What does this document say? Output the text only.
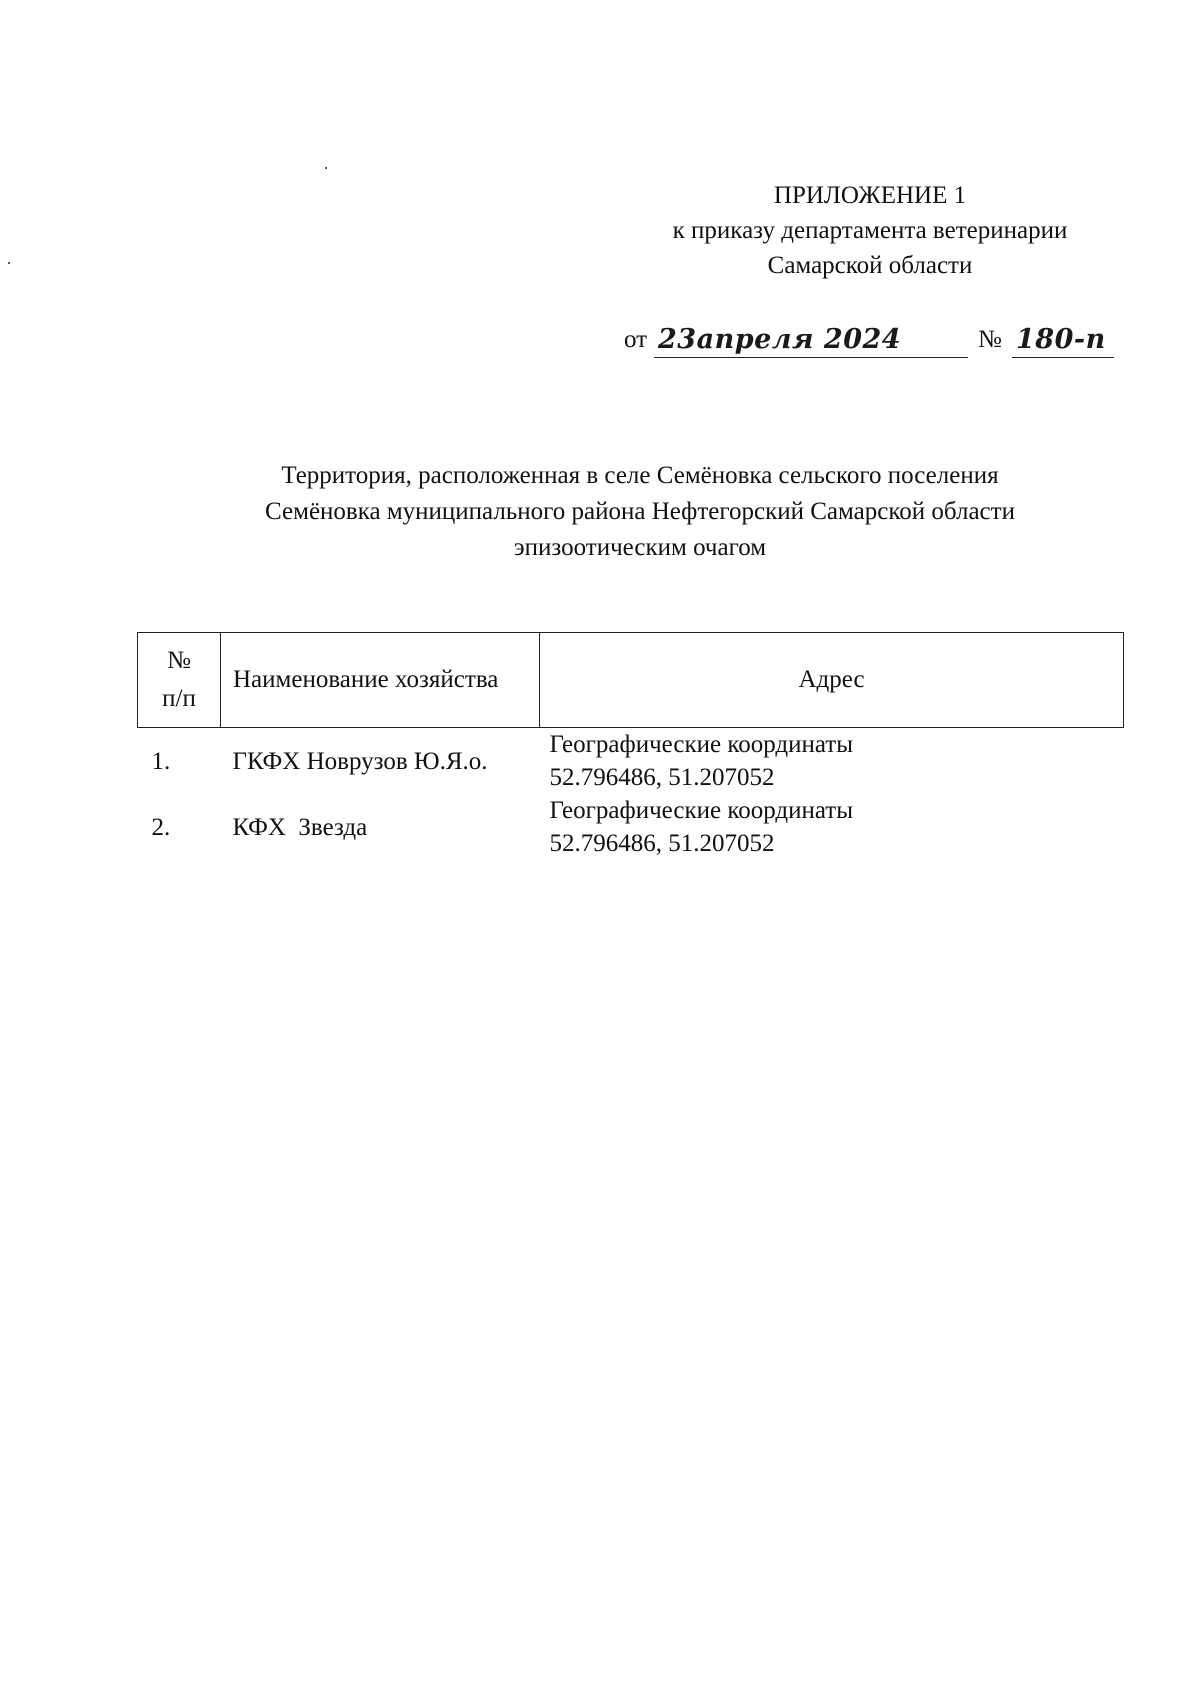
ПРИЛОЖЕНИЕ 1
к приказу департамента ветеринарии
Самарской области
от 23апреля 2024	№ 180-п
Территория, расположенная в селе Семёновка сельского поселения
Семёновка муниципального района Нефтегорский Самарской области
эпизоотическим очагом
№
п/п	Наименование хозяйства	Адрес
1.	ГКФХ Новрузов Ю.Я.о.	Географические координаты
52.796486, 51.207052

2.	КФХ  Звезда	Географические координаты
52.796486, 51.207052
